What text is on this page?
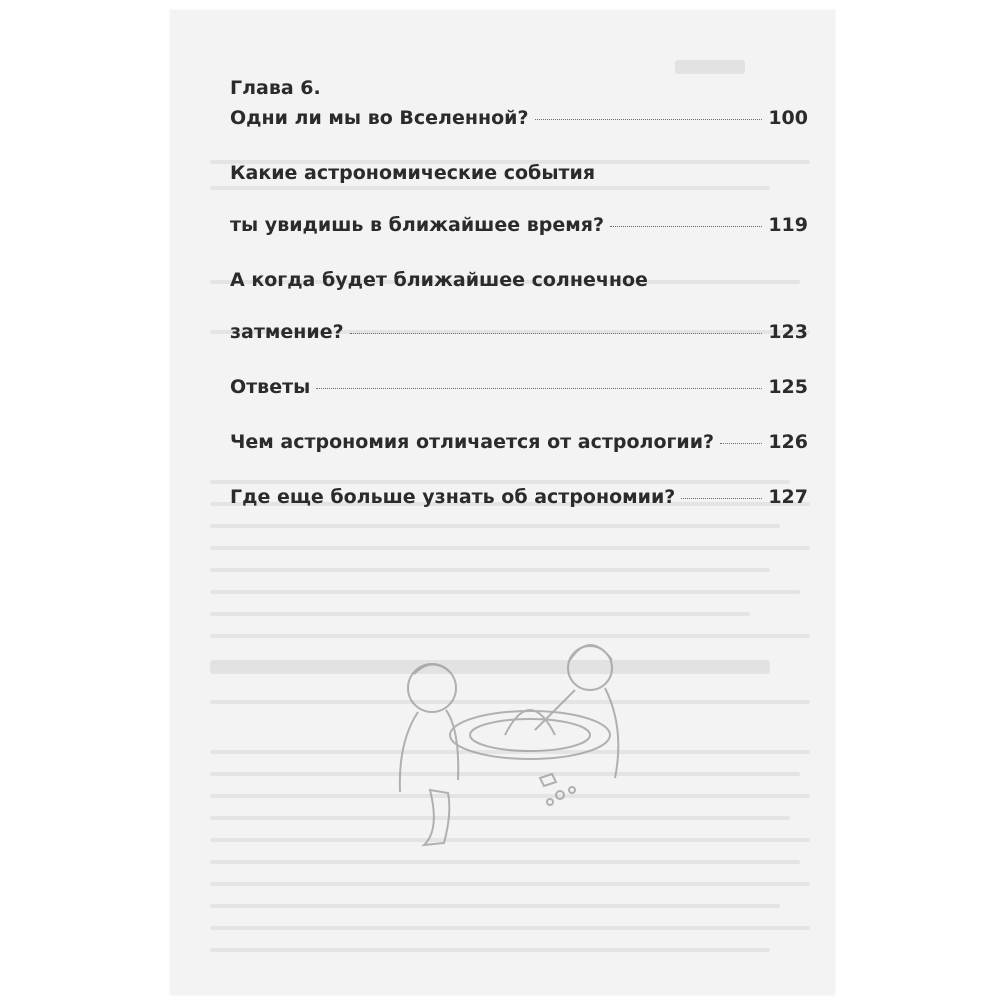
Глава 6.
Одни ли мы во Вселенной?	100
Какие астрономические события
ты увидишь в ближайшее время?	119
А когда будет ближайшее солнечное
затмение?	123
Ответы	125
Чем астрономия отличается от астрологии?	126
Где еще больше узнать об астрономии?	127
